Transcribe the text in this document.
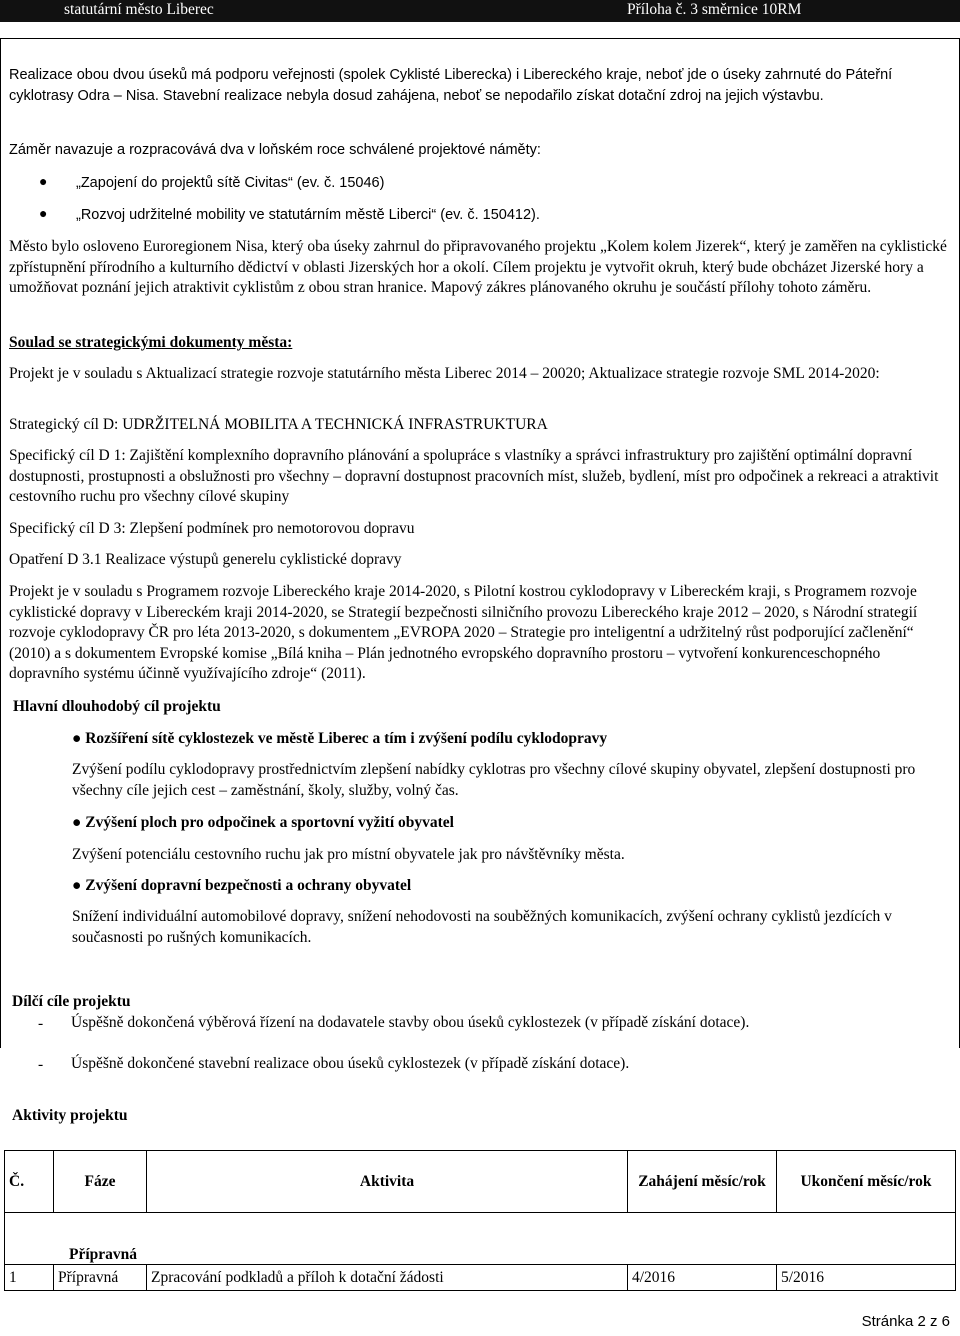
statutární město Liberec	Příloha č. 3 směrnice 10RM

Realizace obou dvou úseků má podporu veřejnosti (spolek Cyklisté Liberecka) i Libereckého kraje, neboť jde o úseky zahrnuté do Páteřní cyklotrasy Odra – Nisa. Stavební realizace nebyla dosud zahájena, neboť se nepodařilo získat dotační zdroj na jejich výstavbu.

Záměr navazuje a rozpracovává dva v loňském roce schválené projektové náměty:

● „Zapojení do projektů sítě Civitas“ (ev. č. 15046)

● „Rozvoj udržitelné mobility ve statutárním městě Liberci“ (ev. č. 150412).

Město bylo osloveno Euroregionem Nisa, který oba úseky zahrnul do připravovaného projektu „Kolem kolem Jizerek“, který je zaměřen na cyklistické zpřístupnění přírodního a kulturního dědictví v oblasti Jizerských hor a okolí. Cílem projektu je vytvořit okruh, který bude obcházet Jizerské hory a umožňovat poznání jejich atraktivit cyklistům z obou stran hranice. Mapový zákres plánovaného okruhu je součástí přílohy tohoto záměru.

Soulad se strategickými dokumenty města:

Projekt je v souladu s Aktualizací strategie rozvoje statutárního města Liberec 2014 – 20020; Aktualizace strategie rozvoje SML 2014-2020:

Strategický cíl D: UDRŽITELNÁ MOBILITA A TECHNICKÁ INFRASTRUKTURA

Specifický cíl D 1: Zajištění komplexního dopravního plánování a spolupráce s vlastníky a správci infrastruktury pro zajištění optimální dopravní dostupnosti, prostupnosti a obslužnosti pro všechny – dopravní dostupnost pracovních míst, služeb, bydlení, míst pro odpočinek a rekreaci a atraktivit cestovního ruchu pro všechny cílové skupiny

Specifický cíl D 3: Zlepšení podmínek pro nemotorovou dopravu

Opatření D 3.1 Realizace výstupů generelu cyklistické dopravy

Projekt je v souladu s Programem rozvoje Libereckého kraje 2014-2020, s Pilotní kostrou cyklodopravy v Libereckém kraji, s Programem rozvoje cyklistické dopravy v Libereckém kraji 2014-2020, se Strategií bezpečnosti silničního provozu Libereckého kraje 2012 – 2020, s Národní strategií rozvoje cyklodopravy ČR pro léta 2013-2020, s dokumentem „EVROPA 2020 – Strategie pro inteligentní a udržitelný růst podporující začlenění“ (2010) a s dokumentem Evropské komise „Bílá kniha – Plán jednotného evropského dopravního prostoru – vytvoření konkurenceschopného dopravního systému účinně využívajícího zdroje“ (2011).

Hlavní dlouhodobý cíl projektu

● Rozšíření sítě cyklostezek ve městě Liberec a tím i zvýšení podílu cyklodopravy

Zvýšení podílu cyklodopravy prostřednictvím zlepšení nabídky cyklotras pro všechny cílové skupiny obyvatel, zlepšení dostupnosti pro všechny cíle jejich cest – zaměstnání, školy, služby, volný čas.

● Zvýšení ploch pro odpočinek a sportovní vyžití obyvatel

Zvýšení potenciálu cestovního ruchu jak pro místní obyvatele jak pro návštěvníky města.

● Zvýšení dopravní bezpečnosti a ochrany obyvatel

Snížení individuální automobilové dopravy, snížení nehodovosti na souběžných komunikacích, zvýšení ochrany cyklistů jezdících v současnosti po rušných komunikacích.

Dílčí cíle projektu

-	Úspěšně dokončená výběrová řízení na dodavatele stavby obou úseků cyklostezek (v případě získání dotace).

-	Úspěšně dokončené stavební realizace obou úseků cyklostezek (v případě získání dotace).

Aktivity projektu

Č.	Fáze	Aktivita	Zahájení měsíc/rok	Ukončení měsíc/rok
Přípravná				
1	Přípravná	Zpracování podkladů a příloh k dotační žádosti	4/2016	5/2016
Stránka 2 z 6
